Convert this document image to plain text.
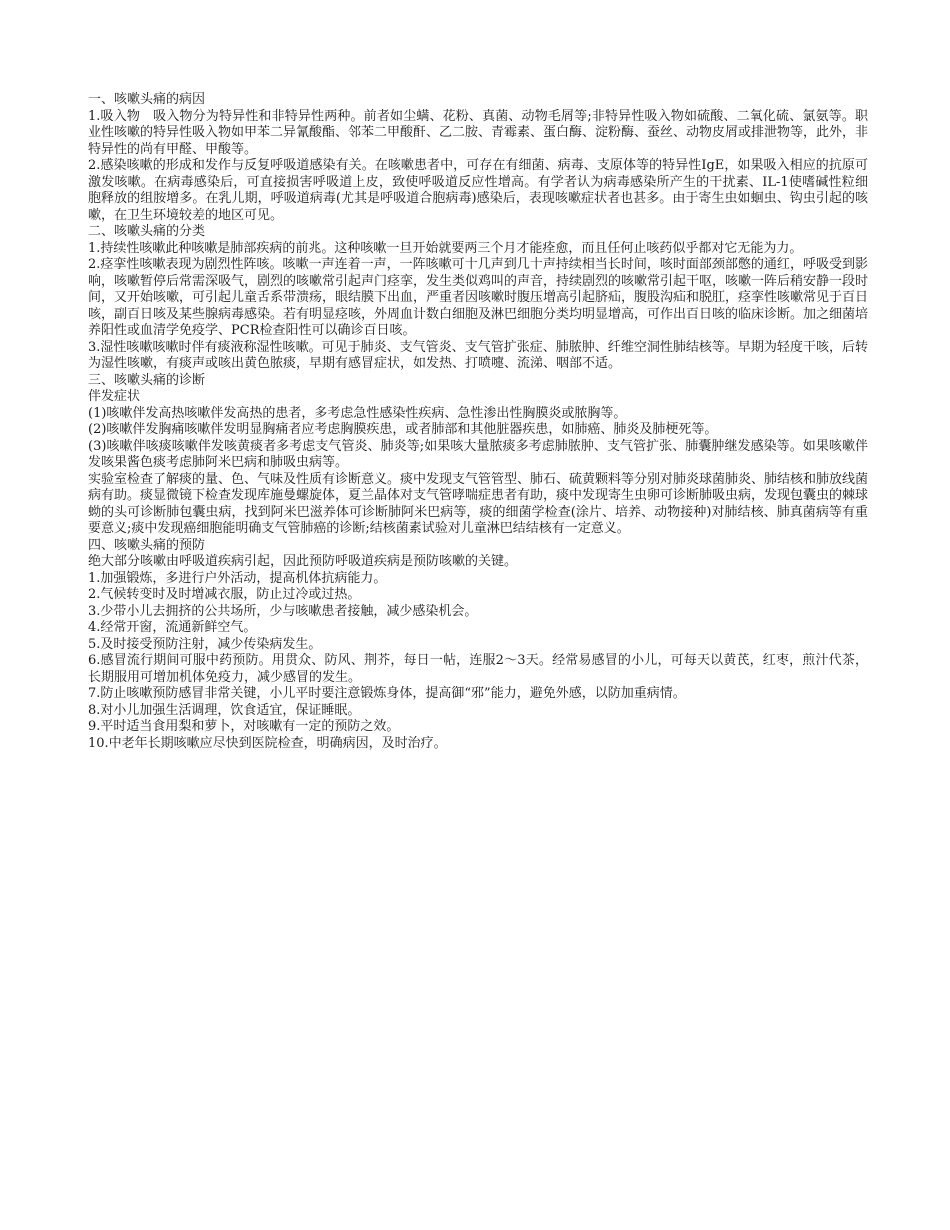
一、咳嗽头痛的病因
1.吸入物　吸入物分为特异性和非特异性两种。前者如尘螨、花粉、真菌、动物毛屑等;非特异性吸入物如硫酸、二氧化硫、氯氨等。职业性咳嗽的特异性吸入物如甲苯二异氰酸酯、邻苯二甲酸酐、乙二胺、青霉素、蛋白酶、淀粉酶、蚕丝、动物皮屑或排泄物等，此外，非特异性的尚有甲醛、甲酸等。
2.感染咳嗽的形成和发作与反复呼吸道感染有关。在咳嗽患者中，可存在有细菌、病毒、支原体等的特异性IgE，如果吸入相应的抗原可激发咳嗽。在病毒感染后，可直接损害呼吸道上皮，致使呼吸道反应性增高。有学者认为病毒感染所产生的干扰素、IL-1使嗜碱性粒细胞释放的组胺增多。在乳儿期，呼吸道病毒(尤其是呼吸道合胞病毒)感染后，表现咳嗽症状者也甚多。由于寄生虫如蛔虫、钩虫引起的咳嗽，在卫生环境较差的地区可见。
二、咳嗽头痛的分类
1.持续性咳嗽此种咳嗽是肺部疾病的前兆。这种咳嗽一旦开始就要两三个月才能痊愈，而且任何止咳药似乎都对它无能为力。
2.痉挛性咳嗽表现为剧烈性阵咳。咳嗽一声连着一声，一阵咳嗽可十几声到几十声持续相当长时间，咳时面部颈部憋的通红，呼吸受到影响，咳嗽暂停后常需深吸气，剧烈的咳嗽常引起声门痉挛，发生类似鸡叫的声音，持续剧烈的咳嗽常引起干呕，咳嗽一阵后稍安静一段时间，又开始咳嗽，可引起儿童舌系带溃疡，眼结膜下出血，严重者因咳嗽时腹压增高引起脐疝，腹股沟疝和脱肛，痉挛性咳嗽常见于百日咳，副百日咳及某些腺病毒感染。若有明显痉咳，外周血计数白细胞及淋巴细胞分类均明显增高，可作出百日咳的临床诊断。加之细菌培养阳性或血清学免疫学、PCR检查阳性可以确诊百日咳。
3.湿性咳嗽咳嗽时伴有痰液称湿性咳嗽。可见于肺炎、支气管炎、支气管扩张症、肺脓肿、纤维空洞性肺结核等。早期为轻度干咳，后转为湿性咳嗽，有痰声或咳出黄色脓痰，早期有感冒症状，如发热、打喷嚏、流涕、咽部不适。
三、咳嗽头痛的诊断
伴发症状
(1)咳嗽伴发高热咳嗽伴发高热的患者，多考虑急性感染性疾病、急性渗出性胸膜炎或脓胸等。
(2)咳嗽伴发胸痛咳嗽伴发明显胸痛者应考虑胸膜疾患，或者肺部和其他脏器疾患，如肺癌、肺炎及肺梗死等。
(3)咳嗽伴咳痰咳嗽伴发咳黄痰者多考虑支气管炎、肺炎等;如果咳大量脓痰多考虑肺脓肿、支气管扩张、肺囊肿继发感染等。如果咳嗽伴发咳果酱色痰考虑肺阿米巴病和肺吸虫病等。
实验室检查了解痰的量、色、气味及性质有诊断意义。痰中发现支气管管型、肺石、硫黄颗料等分别对肺炎球菌肺炎、肺结核和肺放线菌病有助。痰显微镜下检查发现库施曼螺旋体，夏兰晶体对支气管哮喘症患者有助，痰中发现寄生虫卵可诊断肺吸虫病，发现包囊虫的棘球蚴的头可诊断肺包囊虫病，找到阿米巴滋养体可诊断肺阿米巴病等，痰的细菌学检查(涂片、培养、动物接种)对肺结核、肺真菌病等有重要意义;痰中发现癌细胞能明确支气管肺癌的诊断;结核菌素试验对儿童淋巴结结核有一定意义。
四、咳嗽头痛的预防
绝大部分咳嗽由呼吸道疾病引起，因此预防呼吸道疾病是预防咳嗽的关键。
1.加强锻炼，多进行户外活动，提高机体抗病能力。
2.气候转变时及时增减衣服，防止过冷或过热。
3.少带小儿去拥挤的公共场所，少与咳嗽患者接触，减少感染机会。
4.经常开窗，流通新鲜空气。
5.及时接受预防注射，减少传染病发生。
6.感冒流行期间可服中药预防。用贯众、防风、荆芥，每日一帖，连服2～3天。经常易感冒的小儿，可每天以黄芪，红枣，煎汁代茶，长期服用可增加机体免疫力，减少感冒的发生。
7.防止咳嗽预防感冒非常关键，小儿平时要注意锻炼身体，提高御“邪”能力，避免外感，以防加重病情。
8.对小儿加强生活调理，饮食适宜，保证睡眠。
9.平时适当食用梨和萝卜，对咳嗽有一定的预防之效。
10.中老年长期咳嗽应尽快到医院检查，明确病因，及时治疗。
